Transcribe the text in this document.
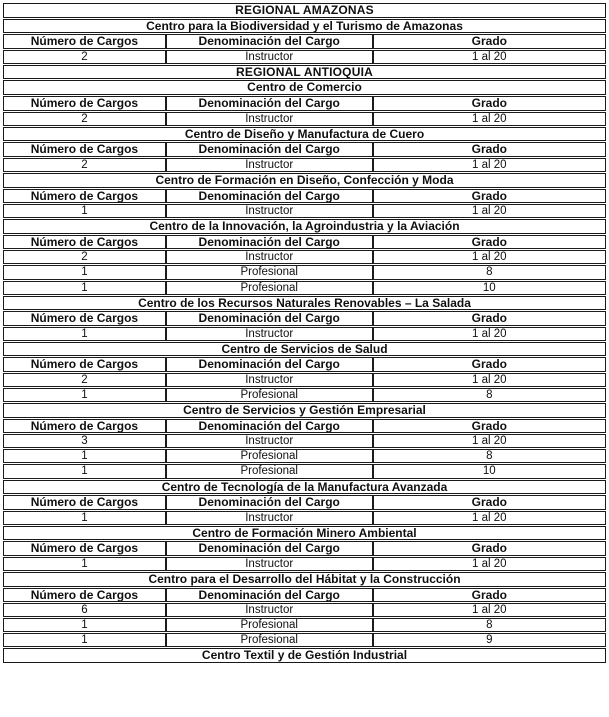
REGIONAL AMAZONAS		
Centro para la Biodiversidad y el Turismo de Amazonas		
Número de Cargos	Denominación del Cargo	Grado
2	Instructor	1 al 20
REGIONAL ANTIOQUIA		
Centro de Comercio		
Número de Cargos	Denominación del Cargo	Grado
2	Instructor	1 al 20
Centro de Diseño y Manufactura de Cuero		
Número de Cargos	Denominación del Cargo	Grado
2	Instructor	1 al 20
Centro de Formación en Diseño, Confección y Moda		
Número de Cargos	Denominación del Cargo	Grado
1	Instructor	1 al 20
Centro de la Innovación, la Agroindustria y la Aviación		
Número de Cargos	Denominación del Cargo	Grado
2	Instructor	1 al 20
1	Profesional	8
1	Profesional	10
Centro de los Recursos Naturales Renovables – La Salada		
Número de Cargos	Denominación del Cargo	Grado
1	Instructor	1 al 20
Centro de Servicios de Salud		
Número de Cargos	Denominación del Cargo	Grado
2	Instructor	1 al 20
1	Profesional	8
Centro de Servicios y Gestión Empresarial		
Número de Cargos	Denominación del Cargo	Grado
3	Instructor	1 al 20
1	Profesional	8
1	Profesional	10
Centro de Tecnología de la Manufactura Avanzada		
Número de Cargos	Denominación del Cargo	Grado
1	Instructor	1 al 20
Centro de Formación Minero Ambiental		
Número de Cargos	Denominación del Cargo	Grado
1	Instructor	1 al 20
Centro para el Desarrollo del Hábitat y la Construcción		
Número de Cargos	Denominación del Cargo	Grado
6	Instructor	1 al 20
1	Profesional	8
1	Profesional	9
Centro Textil y de Gestión Industrial		
